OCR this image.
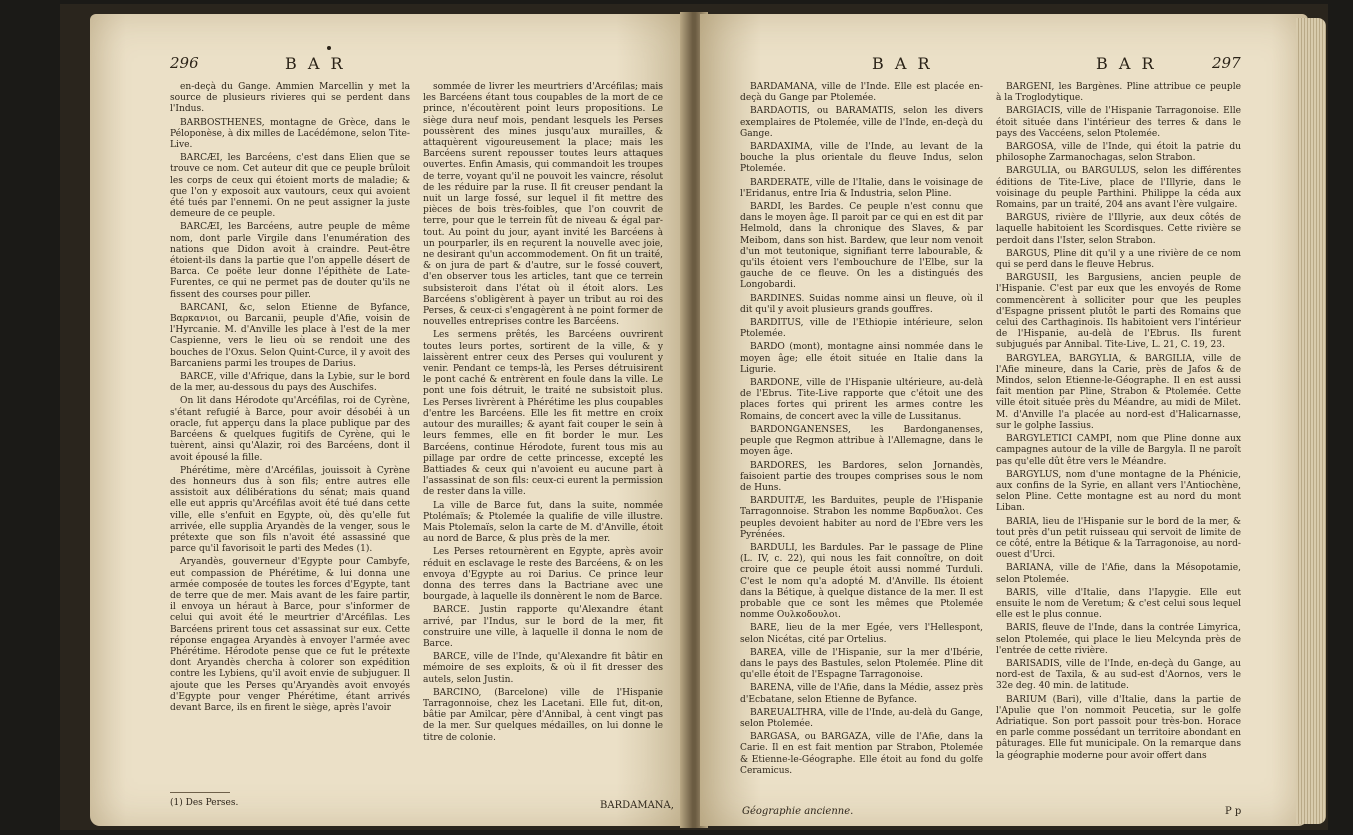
296	B A R

en-deçà du Gange. Ammien Marcellin y met la source de plusieurs rivieres qui se perdent dans l'Indus.

BARBOSTHENES, montagne de Grèce, dans le Péloponèse, à dix milles de Lacédémone, selon Tite-Live.

BARCÆI, les Barcéens, c'est dans Elien que se trouve ce nom. Cet auteur dit que ce peuple brûloit les corps de ceux qui étoient morts de maladie; & que l'on y exposoit aux vautours, ceux qui avoient été tués par l'ennemi. On ne peut assigner la juste demeure de ce peuple.

BARCÆI, les Barcéens, autre peuple de même nom, dont parle Virgile dans l'enumération des nations que Didon avoit à craindre. Peut-être étoient-ils dans la partie que l'on appelle désert de Barca. Ce poëte leur donne l'épithète de Late-Furentes, ce qui ne permet pas de douter qu'ils ne fissent des courses pour piller.

BARCANI, &c, selon Etienne de Byfance, Βαρκανιοι, ou Barcanii, peuple d'Afie, voisin de l'Hyrcanie. M. d'Anville les place à l'est de la mer Caspienne, vers le lieu où se rendoit une des bouches de l'Oxus. Selon Quint-Curce, il y avoit des Barcaniens parmi les troupes de Darius.

BARCE, ville d'Afrique, dans la Lybie, sur le bord de la mer, au-dessous du pays des Auschifes.

On lit dans Hérodote qu'Arcéfilas, roi de Cyrène, s'étant refugié à Barce, pour avoir désobéi à un oracle, fut apperçu dans la place publique par des Barcéens & quelques fugitifs de Cyrène, qui le tuèrent, ainsi qu'Alazir, roi des Barcéens, dont il avoit épousé la fille.

Phérétime, mère d'Arcéfilas, jouissoit à Cyrène des honneurs dus à son fils; entre autres elle assistoit aux délibérations du sénat; mais quand elle eut appris qu'Arcéfilas avoit été tué dans cette ville, elle s'enfuit en Egypte, où, dès qu'elle fut arrivée, elle supplia Aryandès de la venger, sous le prétexte que son fils n'avoit été assassiné que parce qu'il favorisoit le parti des Medes (1).

Aryandès, gouverneur d'Egypte pour Cambyfe, eut compassion de Phérétime, & lui donna une armée composée de toutes les forces d'Egypte, tant de terre que de mer. Mais avant de les faire partir, il envoya un héraut à Barce, pour s'informer de celui qui avoit été le meurtrier d'Arcéfilas. Les Barcéens prirent tous cet assassinat sur eux. Cette réponse engagea Aryandès à envoyer l'armée avec Phérétime. Hérodote pense que ce fut le prétexte dont Aryandès chercha à colorer son expédition contre les Lybiens, qu'il avoit envie de subjuguer. Il ajoute que les Perses qu'Aryandès avoit envoyés d'Egypte pour venger Phérétime, étant arrivés devant Barce, ils en firent le siège, après l'avoir

(1) Des Perses.

sommée de livrer les meurtriers d'Arcéfilas; mais les Barcéens étant tous coupables de la mort de ce prince, n'écoutèrent point leurs propositions. Le siège dura neuf mois, pendant lesquels les Perses poussèrent des mines jusqu'aux murailles, & attaquèrent vigoureusement la place; mais les Barcéens surent repousser toutes leurs attaques ouvertes. Enfin Amasis, qui commandoit les troupes de terre, voyant qu'il ne pouvoit les vaincre, résolut de les réduire par la ruse. Il fit creuser pendant la nuit un large fossé, sur lequel il fit mettre des pièces de bois très-foibles, que l'on couvrit de terre, pour que le terrein fût de niveau & égal par-tout. Au point du jour, ayant invité les Barcéens à un pourparler, ils en reçurent la nouvelle avec joie, ne desirant qu'un accommodement. On fit un traité, & on jura de part & d'autre, sur le fossé couvert, d'en observer tous les articles, tant que ce terrein subsisteroit dans l'état où il étoit alors. Les Barcéens s'obligèrent à payer un tribut au roi des Perses, & ceux-ci s'engagèrent à ne point former de nouvelles entreprises contre les Barcéens.

Les sermens prêtés, les Barcéens ouvrirent toutes leurs portes, sortirent de la ville, & y laissèrent entrer ceux des Perses qui voulurent y venir. Pendant ce temps-là, les Perses détruisirent le pont caché & entrèrent en foule dans la ville. Le pont une fois détruit, le traité ne subsistoit plus. Les Perses livrèrent à Phérétime les plus coupables d'entre les Barcéens. Elle les fit mettre en croix autour des murailles; & ayant fait couper le sein à leurs femmes, elle en fit border le mur. Les Barcéens, continue Hérodote, furent tous mis au pillage par ordre de cette princesse, excepté les Battiades & ceux qui n'avoient eu aucune part à l'assassinat de son fils: ceux-ci eurent la permission de rester dans la ville.

La ville de Barce fut, dans la suite, nommée Ptolémaïs; & Ptolemée la qualifie de ville illustre. Mais Ptolemaïs, selon la carte de M. d'Anville, étoit au nord de Barce, & plus près de la mer.

Les Perses retournèrent en Egypte, après avoir réduit en esclavage le reste des Barcéens, & on les envoya d'Egypte au roi Darius. Ce prince leur donna des terres dans la Bactriane avec une bourgade, à laquelle ils donnèrent le nom de Barce.

BARCE. Justin rapporte qu'Alexandre étant arrivé, par l'Indus, sur le bord de la mer, fit construire une ville, à laquelle il donna le nom de Barce.

BARCE, ville de l'Inde, qu'Alexandre fit bâtir en mémoire de ses exploits, & où il fit dresser des autels, selon Justin.

BARCINO, (Barcelone) ville de l'Hispanie Tarragonnoise, chez les Lacetani. Elle fut, dit-on, bâtie par Amilcar, père d'Annibal, à cent vingt pas de la mer. Sur quelques médailles, on lui donne le titre de colonie.

BARDAMANA,
B A R	B A R	297

BARDAMANA, ville de l'Inde. Elle est placée en-deçà du Gange par Ptolemée.

BARDAOTIS, ou BARAMATIS, selon les divers exemplaires de Ptolemée, ville de l'Inde, en-deçà du Gange.

BARDAXIMA, ville de l'Inde, au levant de la bouche la plus orientale du fleuve Indus, selon Ptolemée.

BARDERATE, ville de l'Italie, dans le voisinage de l'Eridanus, entre Iria & Industria, selon Pline.

BARDI, les Bardes. Ce peuple n'est connu que dans le moyen âge. Il paroit par ce qui en est dit par Helmold, dans la chronique des Slaves, & par Meibom, dans son hist. Bardew, que leur nom venoit d'un mot teutonique, signifiant terre labourable, & qu'ils étoient vers l'embouchure de l'Elbe, sur la gauche de ce fleuve. On les a distingués des Longobardi.

BARDINES. Suidas nomme ainsi un fleuve, où il dit qu'il y avoit plusieurs grands gouffres.

BARDITUS, ville de l'Ethiopie intérieure, selon Ptolemée.

BARDO (mont), montagne ainsi nommée dans le moyen âge; elle étoit située en Italie dans la Ligurie.

BARDONE, ville de l'Hispanie ultérieure, au-delà de l'Ebrus. Tite-Live rapporte que c'étoit une des places fortes qui prirent les armes contre les Romains, de concert avec la ville de Lussitanus.

BARDONGANENSES, les Bardonganenses, peuple que Regmon attribue à l'Allemagne, dans le moyen âge.

BARDORES, les Bardores, selon Jornandès, faisoient partie des troupes comprises sous le nom de Huns.

BARDUITÆ, les Barduites, peuple de l'Hispanie Tarragonnoise. Strabon les nomme Βαρδυαλοι. Ces peuples devoient habiter au nord de l'Ebre vers les Pyrénées.

BARDULI, les Bardules. Par le passage de Pline (L. IV, c. 22), qui nous les fait connoître, on doit croire que ce peuple étoit aussi nommé Turduli. C'est le nom qu'a adopté M. d'Anville. Ils étoient dans la Bétique, à quelque distance de la mer. Il est probable que ce sont les mêmes que Ptolemée nomme Ουλκοδουλοι.

BARE, lieu de la mer Egée, vers l'Hellespont, selon Nicétas, cité par Ortelius.

BAREA, ville de l'Hispanie, sur la mer d'Ibérie, dans le pays des Bastules, selon Ptolemée. Pline dit qu'elle étoit de l'Espagne Tarragonoise.

BARENA, ville de l'Afie, dans la Médie, assez près d'Ecbatane, selon Etienne de Byfance.

BAREUALTHRA, ville de l'Inde, au-delà du Gange, selon Ptolemée.

BARGASA, ou BARGAZA, ville de l'Afie, dans la Carie. Il en est fait mention par Strabon, Ptolemée & Etienne-le-Géographe. Elle étoit au fond du golfe Ceramicus.

Géographie ancienne.

BARGENI, les Bargènes. Pline attribue ce peuple à la Troglodytique.

BARGIACIS, ville de l'Hispanie Tarragonoise. Elle étoit située dans l'intérieur des terres & dans le pays des Vaccéens, selon Ptolemée.

BARGOSA, ville de l'Inde, qui étoit la patrie du philosophe Zarmanochagas, selon Strabon.

BARGULIA, ou BARGULUS, selon les différentes éditions de Tite-Live, place de l'Illyrie, dans le voisinage du peuple Parthini. Philippe la céda aux Romains, par un traité, 204 ans avant l'ère vulgaire.

BARGUS, rivière de l'Illyrie, aux deux côtés de laquelle habitoient les Scordisques. Cette rivière se perdoit dans l'Ister, selon Strabon.

BARGUS, Pline dit qu'il y a une rivière de ce nom qui se perd dans le fleuve Hebrus.

BARGUSII, les Bargusiens, ancien peuple de l'Hispanie. C'est par eux que les envoyés de Rome commencèrent à solliciter pour que les peuples d'Espagne prissent plutôt le parti des Romains que celui des Carthaginois. Ils habitoient vers l'intérieur de l'Hispanie, au-delà de l'Ebrus. Ils furent subjugués par Annibal. Tite-Live, L. 21, C. 19, 23.

BARGYLEA, BARGYLIA, & BARGILIA, ville de l'Afie mineure, dans la Carie, près de Jafos & de Mindos, selon Etienne-le-Géographe. Il en est aussi fait mention par Pline, Strabon & Ptolemée. Cette ville étoit située près du Méandre, au midi de Milet. M. d'Anville l'a placée au nord-est d'Halicarnasse, sur le golphe Iassius.

BARGYLETICI CAMPI, nom que Pline donne aux campagnes autour de la ville de Bargyla. Il ne paroît pas qu'elle dût être vers le Méandre.

BARGYLUS, nom d'une montagne de la Phénicie, aux confins de la Syrie, en allant vers l'Antiochène, selon Pline. Cette montagne est au nord du mont Liban.

BARIA, lieu de l'Hispanie sur le bord de la mer, & tout près d'un petit ruisseau qui servoit de limite de ce côté, entre la Bétique & la Tarragonoise, au nord-ouest d'Urci.

BARIANA, ville de l'Afie, dans la Mésopotamie, selon Ptolemée.

BARIS, ville d'Italie, dans l'Iapygie. Elle eut ensuite le nom de Veretum; & c'est celui sous lequel elle est le plus connue.

BARIS, fleuve de l'Inde, dans la contrée Limyrica, selon Ptolemée, qui place le lieu Melcynda près de l'entrée de cette rivière.

BARISADIS, ville de l'Inde, en-deçà du Gange, au nord-est de Taxila, & au sud-est d'Aornos, vers le 32e deg. 40 min. de latitude.

BARIUM (Bari), ville d'Italie, dans la partie de l'Apulie que l'on nommoit Peucetia, sur le golfe Adriatique. Son port passoit pour très-bon. Horace en parle comme possédant un territoire abondant en pâturages. Elle fut municipale. On la remarque dans la géographie moderne pour avoir offert dans

P p
